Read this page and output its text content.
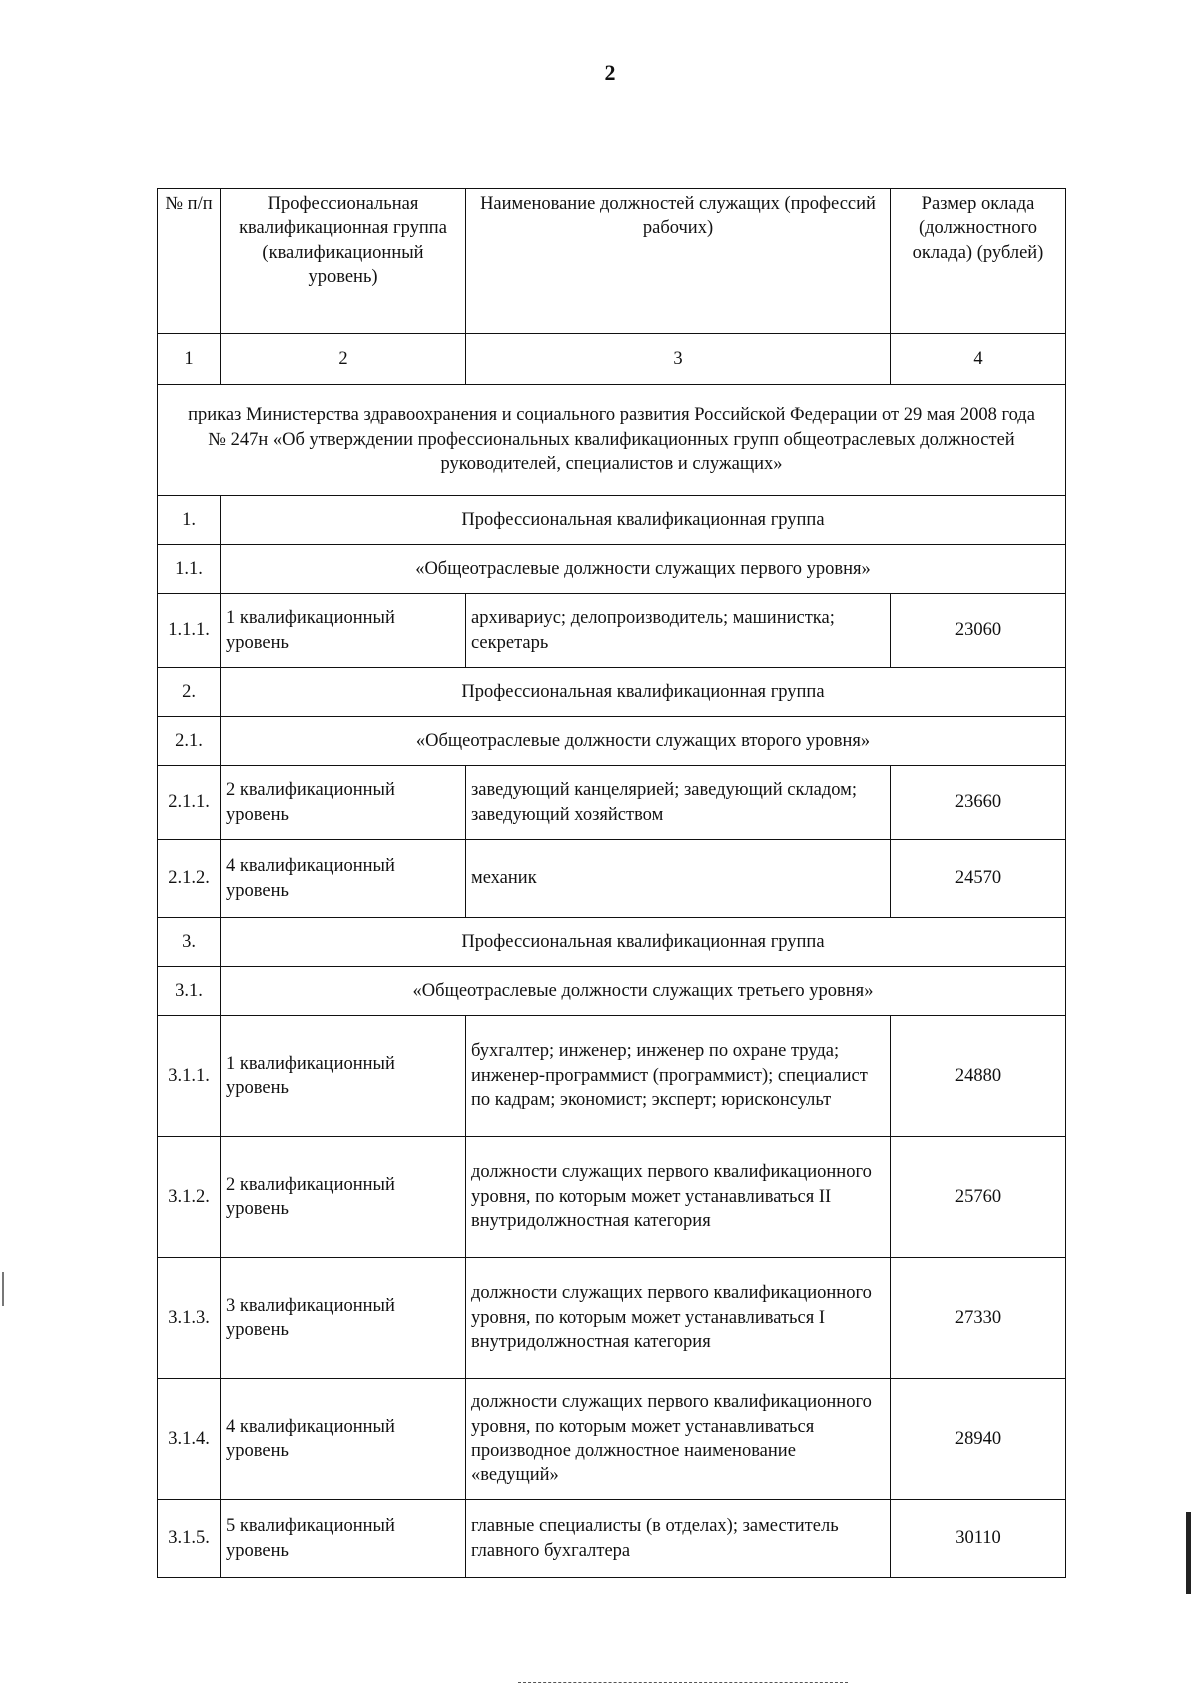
2
№ п/п	Профессиональная квалификационная группа (квалификационный уровень)	Наименование должностей служащих (профессий рабочих)	Размер оклада (должностного оклада) (рублей)
1	2	3	4
приказ Министерства здравоохранения и социального развития Российской Федерации от 29 мая 2008 года № 247н «Об утверждении профессиональных квалификационных групп общеотраслевых должностей руководителей, специалистов и служащих»			
1.	Профессиональная квалификационная группа		
1.1.	«Общеотраслевые должности служащих первого уровня»		
1.1.1.	1 квалификационный уровень	архивариус; делопроизводитель; машинистка; секретарь	23060
2.	Профессиональная квалификационная группа		
2.1.	«Общеотраслевые должности служащих второго уровня»		
2.1.1.	2 квалификационный уровень	заведующий канцелярией; заведующий складом; заведующий хозяйством	23660
2.1.2.	4 квалификационный уровень	механик	24570
3.	Профессиональная квалификационная группа		
3.1.	«Общеотраслевые должности служащих третьего уровня»		
3.1.1.	1 квалификационный уровень	бухгалтер; инженер; инженер по охране труда; инженер-программист (программист); специалист по кадрам; экономист; эксперт; юрисконсульт	24880
3.1.2.	2 квалификационный уровень	должности служащих первого квалификационного уровня, по которым может устанавливаться II внутридолжностная категория	25760
3.1.3.	3 квалификационный уровень	должности служащих первого квалификационного уровня, по которым может устанавливаться I внутридолжностная категория	27330
3.1.4.	4 квалификационный уровень	должности служащих первого квалификационного уровня, по которым может устанавливаться производное должностное наименование «ведущий»	28940
3.1.5.	5 квалификационный уровень	главные специалисты (в отделах); заместитель главного бухгалтера	30110
